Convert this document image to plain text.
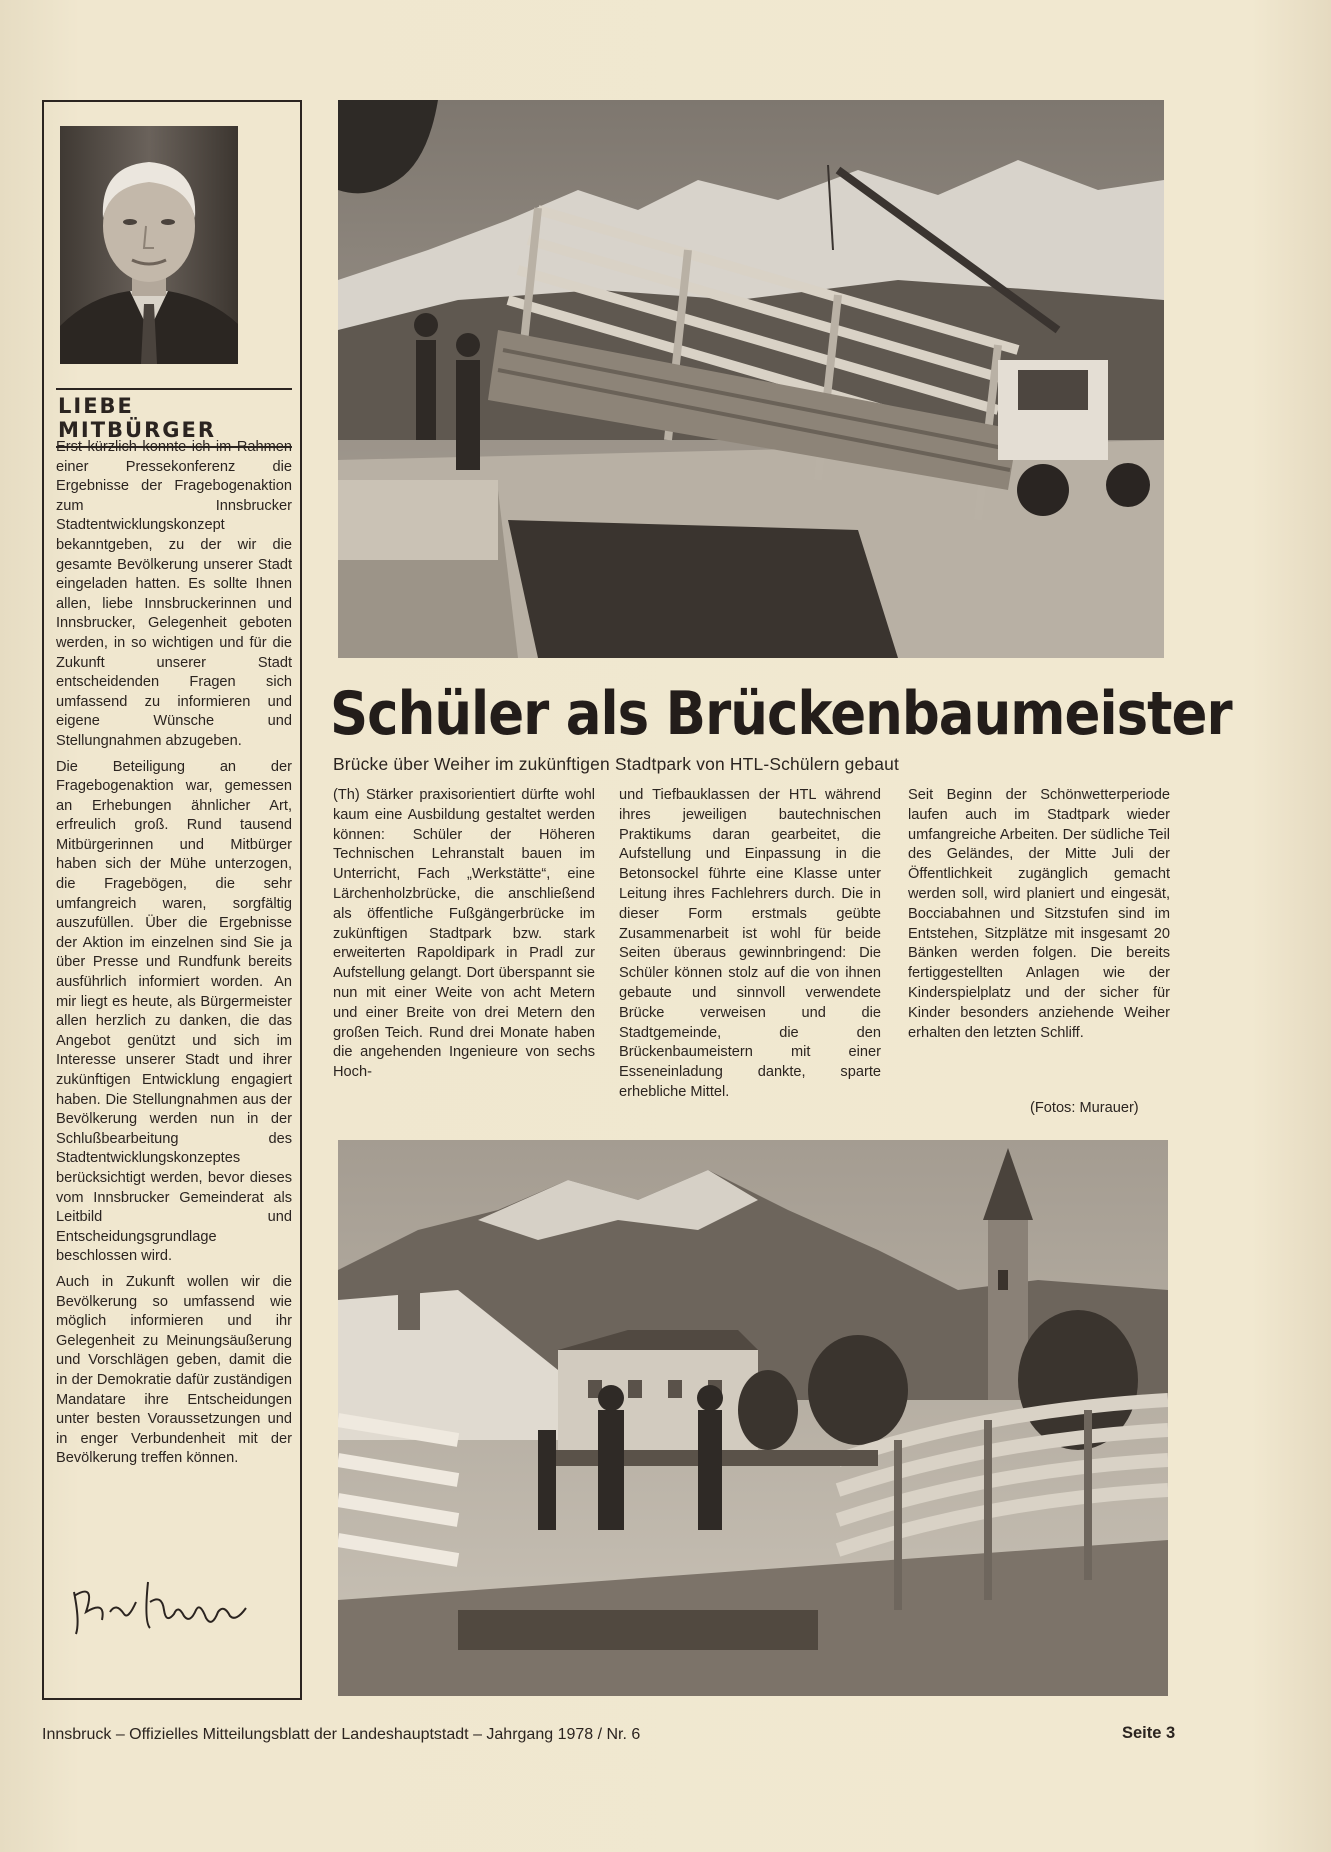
LIEBE MITBÜRGER

Erst kürzlich konnte ich im Rahmen einer Pressekonferenz die Ergebnisse der Fragebogenaktion zum Innsbrucker Stadtentwicklungskonzept bekanntgeben, zu der wir die gesamte Bevölkerung unserer Stadt eingeladen hatten. Es sollte Ihnen allen, liebe Innsbruckerinnen und Innsbrucker, Gelegenheit geboten werden, in so wichtigen und für die Zukunft unserer Stadt entscheidenden Fragen sich umfassend zu informieren und eigene Wünsche und Stellungnahmen abzugeben.

Die Beteiligung an der Fragebogenaktion war, gemessen an Erhebungen ähnlicher Art, erfreulich groß. Rund tausend Mitbürgerinnen und Mitbürger haben sich der Mühe unterzogen, die Fragebögen, die sehr umfangreich waren, sorgfältig auszufüllen. Über die Ergebnisse der Aktion im einzelnen sind Sie ja über Presse und Rundfunk bereits ausführlich informiert worden. An mir liegt es heute, als Bürgermeister allen herzlich zu danken, die das Angebot genützt und sich im Interesse unserer Stadt und ihrer zukünftigen Entwicklung engagiert haben. Die Stellungnahmen aus der Bevölkerung werden nun in der Schlußbearbeitung des Stadtentwicklungskonzeptes berücksichtigt werden, bevor dieses vom Innsbrucker Gemeinderat als Leitbild und Entscheidungsgrundlage beschlossen wird.

Auch in Zukunft wollen wir die Bevölkerung so umfassend wie möglich informieren und ihr Gelegenheit zu Meinungsäußerung und Vorschlägen geben, damit die in der Demokratie dafür zuständigen Mandatare ihre Entscheidungen unter besten Voraussetzungen und in enger Verbundenheit mit der Bevölkerung treffen können.

Schüler als Brückenbaumeister
Brücke über Weiher im zukünftigen Stadtpark von HTL-Schülern gebaut

(Th) Stärker praxisorientiert dürfte wohl kaum eine Ausbildung gestaltet werden können: Schüler der Höheren Technischen Lehranstalt bauen im Unterricht, Fach „Werkstätte“, eine Lärchenholzbrücke, die anschließend als öffentliche Fußgängerbrücke im zukünftigen Stadtpark bzw. stark erweiterten Rapoldipark in Pradl zur Aufstellung gelangt. Dort überspannt sie nun mit einer Weite von acht Metern und einer Breite von drei Metern den großen Teich. Rund drei Monate haben die angehenden Ingenieure von sechs Hoch-

und Tiefbauklassen der HTL während ihres jeweiligen bautechnischen Praktikums daran gearbeitet, die Aufstellung und Einpassung in die Betonsockel führte eine Klasse unter Leitung ihres Fachlehrers durch. Die in dieser Form erstmals geübte Zusammenarbeit ist wohl für beide Seiten überaus gewinnbringend: Die Schüler können stolz auf die von ihnen gebaute und sinnvoll verwendete Brücke verweisen und die Stadtgemeinde, die den Brückenbaumeistern mit einer Esseneinladung dankte, sparte erhebliche Mittel.

Seit Beginn der Schönwetterperiode laufen auch im Stadtpark wieder umfangreiche Arbeiten. Der südliche Teil des Geländes, der Mitte Juli der Öffentlichkeit zugänglich gemacht werden soll, wird planiert und eingesät, Bocciabahnen und Sitzstufen sind im Entstehen, Sitzplätze mit insgesamt 20 Bänken werden folgen. Die bereits fertiggestellten Anlagen wie der Kinderspielplatz und der sicher für Kinder besonders anziehende Weiher erhalten den letzten Schliff.

(Fotos: Murauer)
Innsbruck – Offizielles Mitteilungsblatt der Landeshauptstadt – Jahrgang 1978 / Nr. 6	Seite 3
